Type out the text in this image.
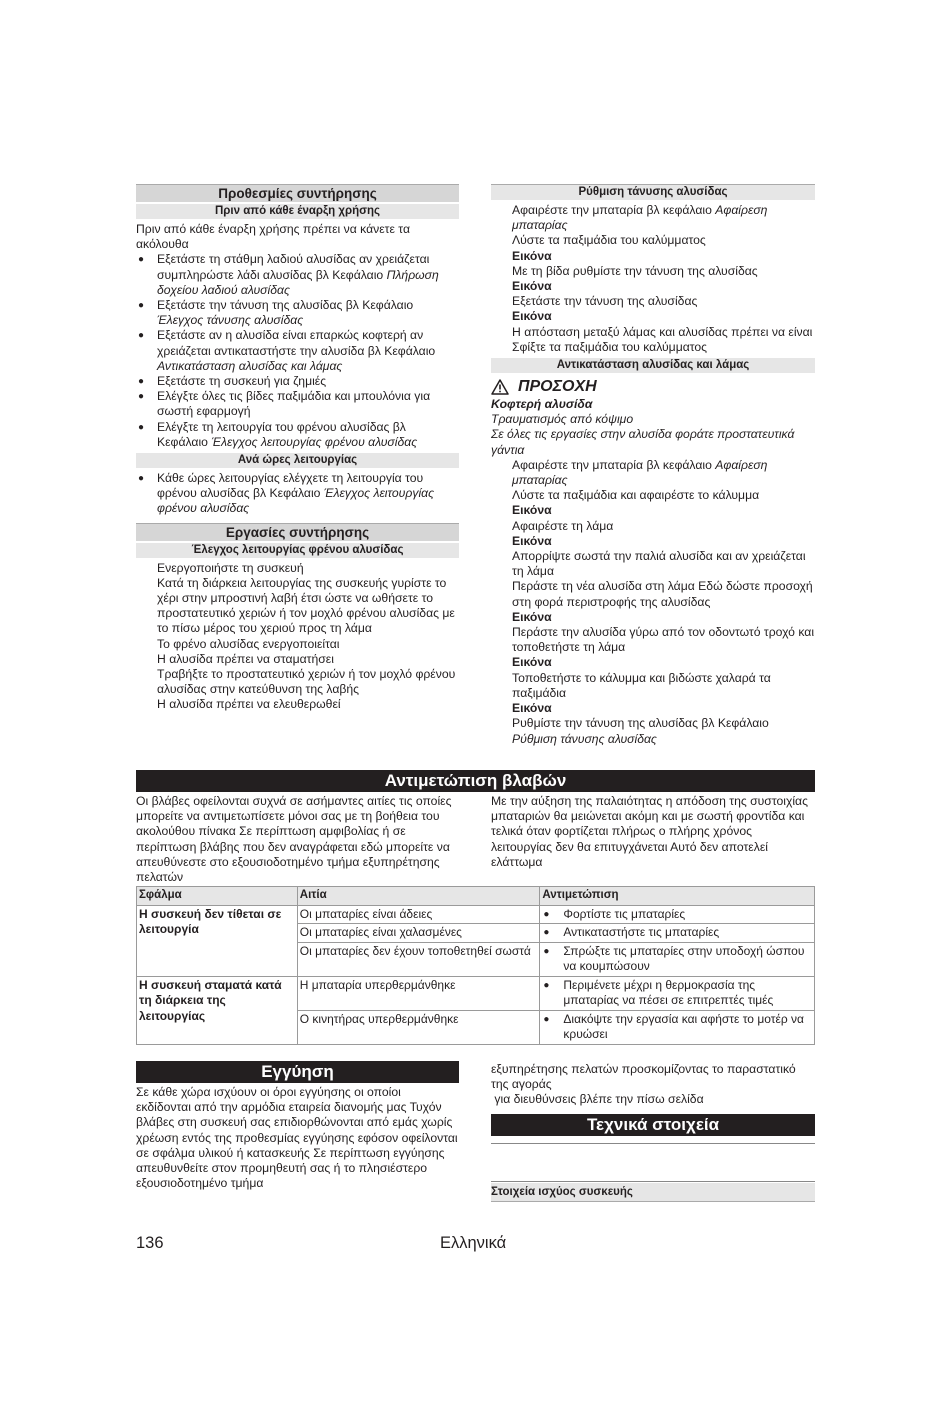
Προθεσμίες συντήρησης
Πριν από κάθε έναρξη χρήσης

Πριν από κάθε έναρξη χρήσης πρέπει να κάνετε τα ακόλουθα

● Εξετάστε τη στάθμη λαδιού αλυσίδας αν χρειάζεται συμπληρώστε λάδι αλυσίδας βλ Κεφάλαιο Πλήρωση δοχείου λαδιού αλυσίδας
● Εξετάστε την τάνυση της αλυσίδας βλ Κεφάλαιο Έλεγχος τάνυσης αλυσίδας
● Εξετάστε αν η αλυσίδα είναι επαρκώς κοφτερή αν χρειάζεται αντικαταστήστε την αλυσίδα βλ Κεφάλαιο Αντικατάσταση αλυσίδας και λάμας
● Εξετάστε τη συσκευή για ζημιές
● Ελέγξτε όλες τις βίδες παξιμάδια και μπουλόνια για σωστή εφαρμογή
● Ελέγξτε τη λειτουργία του φρένου αλυσίδας βλ Κεφάλαιο Έλεγχος λειτουργίας φρένου αλυσίδας
Ανά ώρες λειτουργίας
● Κάθε ώρες λειτουργίας ελέγχετε τη λειτουργία του φρένου αλυσίδας βλ Κεφάλαιο Έλεγχος λειτουργίας φρένου αλυσίδας
Εργασίες συντήρησης
Έλεγχος λειτουργίας φρένου αλυσίδας

Ενεργοποιήστε τη συσκευή

Κατά τη διάρκεια λειτουργίας της συσκευής γυρίστε το χέρι στην μπροστινή λαβή έτσι ώστε να ωθήσετε το προστατευτικό χεριών ή τον μοχλό φρένου αλυσίδας με το πίσω μέρος του χεριού προς τη λάμα

Το φρένο αλυσίδας ενεργοποιείται

Η αλυσίδα πρέπει να σταματήσει

Τραβήξτε το προστατευτικό χεριών ή τον μοχλό φρένου αλυσίδας στην κατεύθυνση της λαβής

Η αλυσίδα πρέπει να ελευθερωθεί

Ρύθμιση τάνυσης αλυσίδας

Αφαιρέστε την μπαταρία βλ κεφάλαιο Αφαίρεση μπαταρίας

Λύστε τα παξιμάδια του καλύμματος

Εικόνα

Με τη βίδα ρυθμίστε την τάνυση της αλυσίδας

Εικόνα

Εξετάστε την τάνυση της αλυσίδας

Εικόνα

Η απόσταση μεταξύ λάμας και αλυσίδας πρέπει να είναι

Σφίξτε τα παξιμάδια του καλύμματος

Αντικατάσταση αλυσίδας και λάμας
ΠΡΟΣΟΧΗ

Κοφτερή αλυσίδα

Τραυματισμός από κόψιμο

Σε όλες τις εργασίες στην αλυσίδα φοράτε προστατευτικά γάντια

Αφαιρέστε την μπαταρία βλ κεφάλαιο Αφαίρεση μπαταρίας

Λύστε τα παξιμάδια και αφαιρέστε το κάλυμμα

Εικόνα

Αφαιρέστε τη λάμα

Εικόνα

Απορρίψτε σωστά την παλιά αλυσίδα και αν χρειάζεται τη λάμα

Περάστε τη νέα αλυσίδα στη λάμα Εδώ δώστε προσοχή στη φορά περιστροφής της αλυσίδας

Εικόνα

Περάστε την αλυσίδα γύρω από τον οδοντωτό τροχό και τοποθετήστε τη λάμα

Εικόνα

Τοποθετήστε το κάλυμμα και βιδώστε χαλαρά τα παξιμάδια

Εικόνα

Ρυθμίστε την τάνυση της αλυσίδας βλ Κεφάλαιο
Ρύθμιση τάνυσης αλυσίδας

Αντιμετώπιση βλαβών

Οι βλάβες οφείλονται συχνά σε ασήμαντες αιτίες τις οποίες μπορείτε να αντιμετωπίσετε μόνοι σας με τη βοήθεια του ακολούθου πίνακα Σε περίπτωση αμφιβολίας ή σε περίπτωση βλάβης που δεν αναγράφεται εδώ μπορείτε να απευθύνεστε στο εξουσιοδοτημένο τμήμα εξυπηρέτησης πελατών

Με την αύξηση της παλαιότητας η απόδοση της συστοιχίας μπαταριών θα μειώνεται ακόμη και με σωστή φροντίδα και τελικά όταν φορτίζεται πλήρως ο πλήρης χρόνος λειτουργίας δεν θα επιτυγχάνεται Αυτό δεν αποτελεί ελάττωμα

Σφάλμα	Αιτία	Αντιμετώπιση
Η συσκευή δεν τίθεται σε λειτουργία	Οι μπαταρίες είναι άδειες	● Φορτίστε τις μπαταρίες
	Οι μπαταρίες είναι χαλασμένες	● Αντικαταστήστε τις μπαταρίες
	Οι μπαταρίες δεν έχουν τοποθετηθεί σωστά	● Σπρώξτε τις μπαταρίες στην υποδοχή ώσπου να κουμπώσουν
Η συσκευή σταματά κατά τη διάρκεια της λειτουργίας	Η μπαταρία υπερθερμάνθηκε	● Περιμένετε μέχρι η θερμοκρασία της μπαταρίας να πέσει σε επιτρεπτές τιμές
	Ο κινητήρας υπερθερμάνθηκε	● Διακόψτε την εργασία και αφήστε το μοτέρ να κρυώσει
Εγγύηση

Σε κάθε χώρα ισχύουν οι όροι εγγύησης οι οποίοι εκδίδονται από την αρμόδια εταιρεία διανομής μας Τυχόν βλάβες στη συσκευή σας επιδιορθώνονται από εμάς χωρίς χρέωση εντός της προθεσμίας εγγύησης εφόσον οφείλονται σε σφάλμα υλικού ή κατασκευής Σε περίπτωση εγγύησης απευθυνθείτε στον προμηθευτή σας ή το πλησιέστερο εξουσιοδοτημένο τμήμα

εξυπηρέτησης πελατών προσκομίζοντας το παραστατικό της αγοράς

για διευθύνσεις βλέπε την πίσω σελίδα

Τεχνικά στοιχεία
Στοιχεία ισχύος συσκευής
136	Ελληνικά
